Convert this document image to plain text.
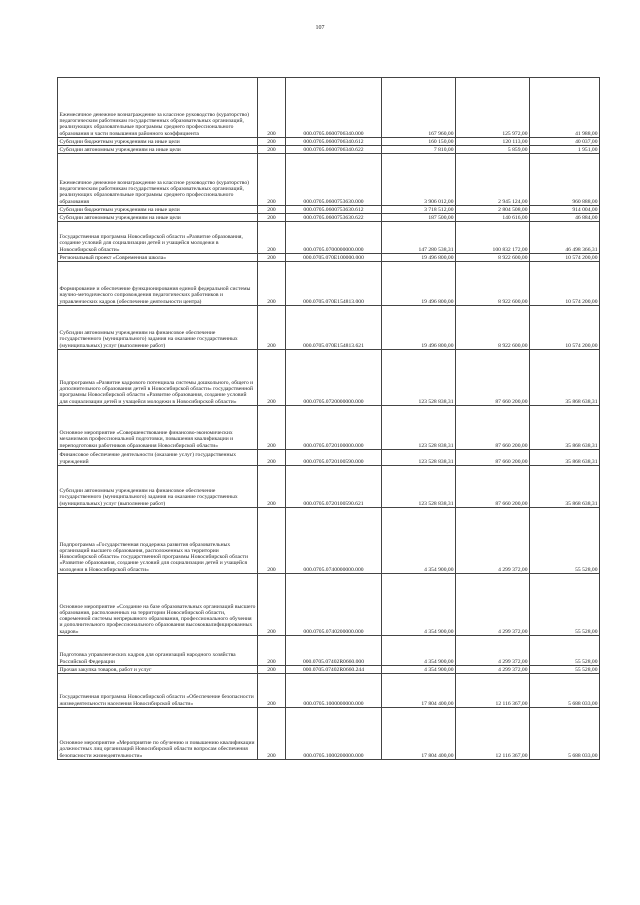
107
Ежемесячное денежное вознаграждение за классное руководство (кураторство) педагогическим работникам государственных образовательных организаций, реализующих образовательные программы среднего профессионального образования и части повышения районного коэффициента	200	000.0705.0600706340.000	167 960,00	125 972,00	41 988,00
Субсидии бюджетным учреждениям на иные цели	200	000.0705.0600706340.612	160 150,00	120 113,00	40 037,00
Субсидии автономным учреждениям на иные цели	200	000.0705.0600706340.622	7 810,00	5 859,00	1 951,00
Ежемесячное денежное вознаграждение за классное руководство (кураторство) педагогическим работникам государственных образовательных организаций, реализующих образовательные программы среднего профессионального образования	200	000.0705.0600753630.000	3 906 012,00	2 945 124,00	960 888,00
Субсидии бюджетным учреждениям на иные цели	200	000.0705.0600753630.612	3 718 512,00	2 804 508,00	914 004,00
Субсидии автономным учреждениям на иные цели	200	000.0705.0600753630.622	187 500,00	140 616,00	46 884,00
Государственная программа Новосибирской области «Развитие образования, создание условий для социализации детей и учащейся молодежи в Новосибирской области»	200	000.0705.0700000000.000	147 280 538,31	100 832 172,00	46 498 366,31
Региональный проект «Современная школа»	200	000.0705.070E100000.000	19 496 800,00	8 922 600,00	10 574 200,00
Формирование и обеспечение функционирования единой федеральной системы научно-методического сопровождения педагогических работников и управленческих кадров (обеспечение деятельности центра)	200	000.0705.070E154813.000	19 496 800,00	8 922 600,00	10 574 200,00
Субсидии автономным учреждениям на финансовое обеспечение государственного (муниципального) задания на оказание государственных (муниципальных) услуг (выполнение работ)	200	000.0705.070E154813.621	19 496 800,00	8 922 600,00	10 574 200,00
Подпрограмма «Развитие кадрового потенциала системы дошкольного, общего и дополнительного образования детей в Новосибирской области» государственной программы Новосибирской области «Развитие образования, создание условий для социализации детей и учащейся молодежи в Новосибирской области»	200	000.0705.0720000000.000	123 528 838,31	87 660 200,00	35 868 638,31
Основное мероприятие «Совершенствование финансово-экономических механизмов профессиональной подготовки, повышения квалификации и переподготовки работников образования Новосибирской области»	200	000.0705.0720100000.000	123 528 838,31	87 660 200,00	35 868 638,31
Финансовое обеспечение деятельности (оказание услуг) государственных учреждений	200	000.0705.0720100590.000	123 528 838,31	87 660 200,00	35 868 638,31
Субсидии автономным учреждениям на финансовое обеспечение государственного (муниципального) задания на оказание государственных (муниципальных) услуг (выполнение работ)	200	000.0705.0720100590.621	123 528 838,31	87 660 200,00	35 868 638,31
Подпрограмма «Государственная поддержка развития образовательных организаций высшего образования, расположенных на территории Новосибирской области» государственной программы Новосибирской области «Развитие образования, создание условий для социализации детей и учащейся молодежи в Новосибирской области»	200	000.0705.0740000000.000	4 354 900,00	4 299 372,00	55 528,00
Основное мероприятие «Создание на базе образовательных организаций высшего образования, расположенных на территории Новосибирской области, современной системы непрерывного образования, профессионального обучения и дополнительного профессионального образования высококвалифицированных кадров»	200	000.0705.0740200000.000	4 354 900,00	4 299 372,00	55 528,00
Подготовка управленческих кадров для организаций народного хозяйства Российской Федерации	200	000.0705.07402R0660.000	4 354 900,00	4 299 372,00	55 528,00
Прочая закупка товаров, работ и услуг	200	000.0705.07402R0660.244	4 354 900,00	4 299 372,00	55 528,00
Государственная программа Новосибирской области «Обеспечение безопасности жизнедеятельности населения Новосибирской области»	200	000.0705.1000000000.000	17 804 400,00	12 116 367,00	5 688 033,00
Основное мероприятие «Мероприятие по обучению и повышению квалификации должностных лиц организаций Новосибирской области вопросам обеспечения безопасности жизнедеятельности»	200	000.0705.1000200000.000	17 804 400,00	12 116 367,00	5 688 033,00
